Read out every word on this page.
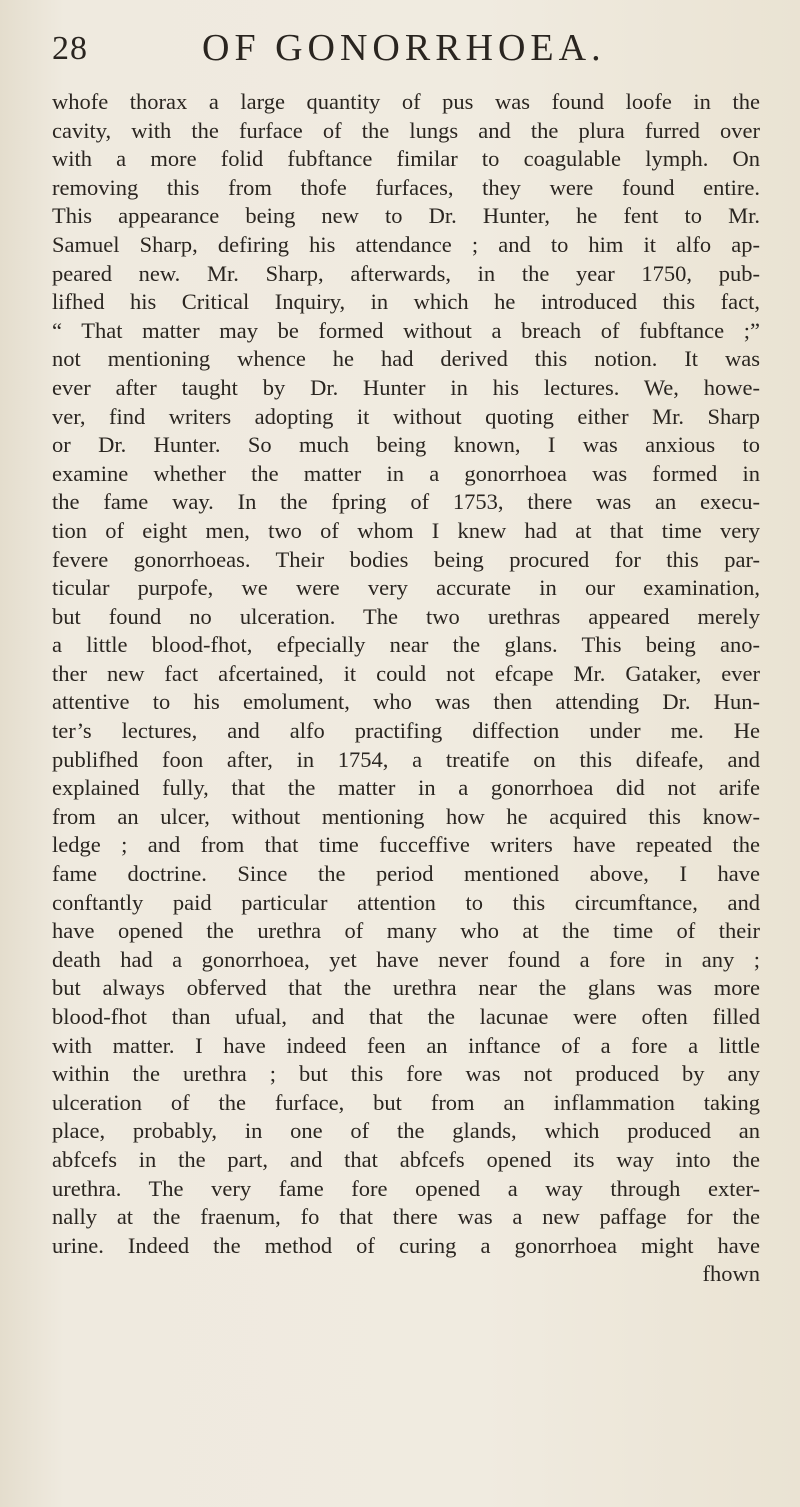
28	OF GONORRHOEA.
whofe thorax a large quantity of pus was found loofe in the
cavity, with the furface of the lungs and the plura furred over
with a more folid fubftance fimilar to coagulable lymph. On
removing this from thofe furfaces, they were found entire.
This appearance being new to Dr. Hunter, he fent to Mr.
Samuel Sharp, defiring his attendance ; and to him it alfo ap-
peared new. Mr. Sharp, afterwards, in the year 1750, pub-
lifhed his Critical Inquiry, in which he introduced this fact,
“ That matter may be formed without a breach of fubftance ;”
not mentioning whence he had derived this notion. It was
ever after taught by Dr. Hunter in his lectures. We, howe-
ver, find writers adopting it without quoting either Mr. Sharp
or Dr. Hunter. So much being known, I was anxious to
examine whether the matter in a gonorrhoea was formed in
the fame way. In the fpring of 1753, there was an execu-
tion of eight men, two of whom I knew had at that time very
fevere gonorrhoeas. Their bodies being procured for this par-
ticular purpofe, we were very accurate in our examination,
but found no ulceration. The two urethras appeared merely
a little blood-fhot, efpecially near the glans. This being ano-
ther new fact afcertained, it could not efcape Mr. Gataker, ever
attentive to his emolument, who was then attending Dr. Hun-
ter’s lectures, and alfo practifing diffection under me. He
publifhed foon after, in 1754, a treatife on this difeafe, and
explained fully, that the matter in a gonorrhoea did not arife
from an ulcer, without mentioning how he acquired this know-
ledge ; and from that time fucceffive writers have repeated the
fame doctrine. Since the period mentioned above, I have
conftantly paid particular attention to this circumftance, and
have opened the urethra of many who at the time of their
death had a gonorrhoea, yet have never found a fore in any ;
but always obferved that the urethra near the glans was more
blood-fhot than ufual, and that the lacunae were often filled
with matter. I have indeed feen an inftance of a fore a little
within the urethra ; but this fore was not produced by any
ulceration of the furface, but from an inflammation taking
place, probably, in one of the glands, which produced an
abfcefs in the part, and that abfcefs opened its way into the
urethra. The very fame fore opened a way through exter-
nally at the fraenum, fo that there was a new paffage for the
urine. Indeed the method of curing a gonorrhoea might have
fhown
